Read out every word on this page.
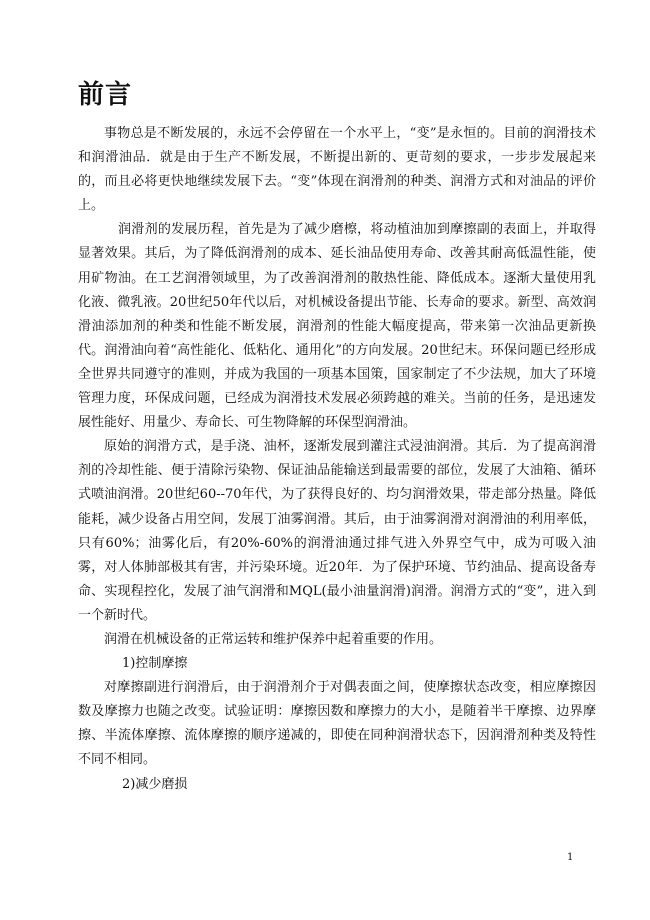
前言

事物总是不断发展的，永远不会停留在一个水平上，“变”是永恒的。目前的润滑技术和润滑油品．就是由于生产不断发展，不断提出新的、更苛刻的要求，一步步发展起来的，而且必将更快地继续发展下去。“变”体现在润滑剂的种类、润滑方式和对油品的评价上。

润滑剂的发展历程，首先是为了减少磨檫，将动植油加到摩擦副的表面上，并取得显著效果。其后，为了降低润滑剂的成本、延长油品使用寿命、改善其耐高低温性能，使用矿物油。在工艺润滑领域里，为了改善润滑剂的散热性能、降低成本。逐渐大量使用乳化液、微乳液。20世纪50年代以后，对机械设备提出节能、长寿命的要求。新型、高效润滑油添加剂的种类和性能不断发展，润滑剂的性能大幅度提高，带来第一次油品更新换代。润滑油向着“高性能化、低粘化、通用化”的方向发展。20世纪末。环保问题已经形成全世界共同遵守的准则，并成为我国的一项基本国策，国家制定了不少法规，加大了环境管理力度，环保成问题，已经成为润滑技术发展必须跨越的难关。当前的任务，是迅速发展性能好、用量少、寿命长、可生物降解的环保型润滑油。

原始的润滑方式，是手浇、油杯，逐渐发展到灌注式浸油润滑。其后．为了提高润滑剂的冷却性能、便于清除污染物、保证油品能输送到最需要的部位，发展了大油箱、循环式喷油润滑。20世纪60--70年代，为了获得良好的、均匀润滑效果，带走部分热量。降低能耗，减少设备占用空间，发展丁油雾润滑。其后，由于油雾润滑对润滑油的利用率低，只有60%；油雾化后，有20%-60%的润滑油通过排气进入外界空气中，成为可吸入油雾，对人体肺部极其有害，并污染环境。近20年．为了保护环境、节约油品、提高设备寿命、实现程控化，发展了油气润滑和MQL(最小油量润滑)润滑。润滑方式的“变”，进入到一个新时代。

润滑在机械设备的正常运转和维护保养中起着重要的作用。

1)控制摩擦

对摩擦副进行润滑后，由于润滑剂介于对偶表面之间，使摩擦状态改变，相应摩擦因数及摩擦力也随之改变。试验证明：摩擦因数和摩擦力的大小，是随着半干摩擦、边界摩擦、半流体摩擦、流体摩擦的顺序递减的，即使在同种润滑状态下，因润滑剂种类及特性不同不相同。

2)减少磨损

1
